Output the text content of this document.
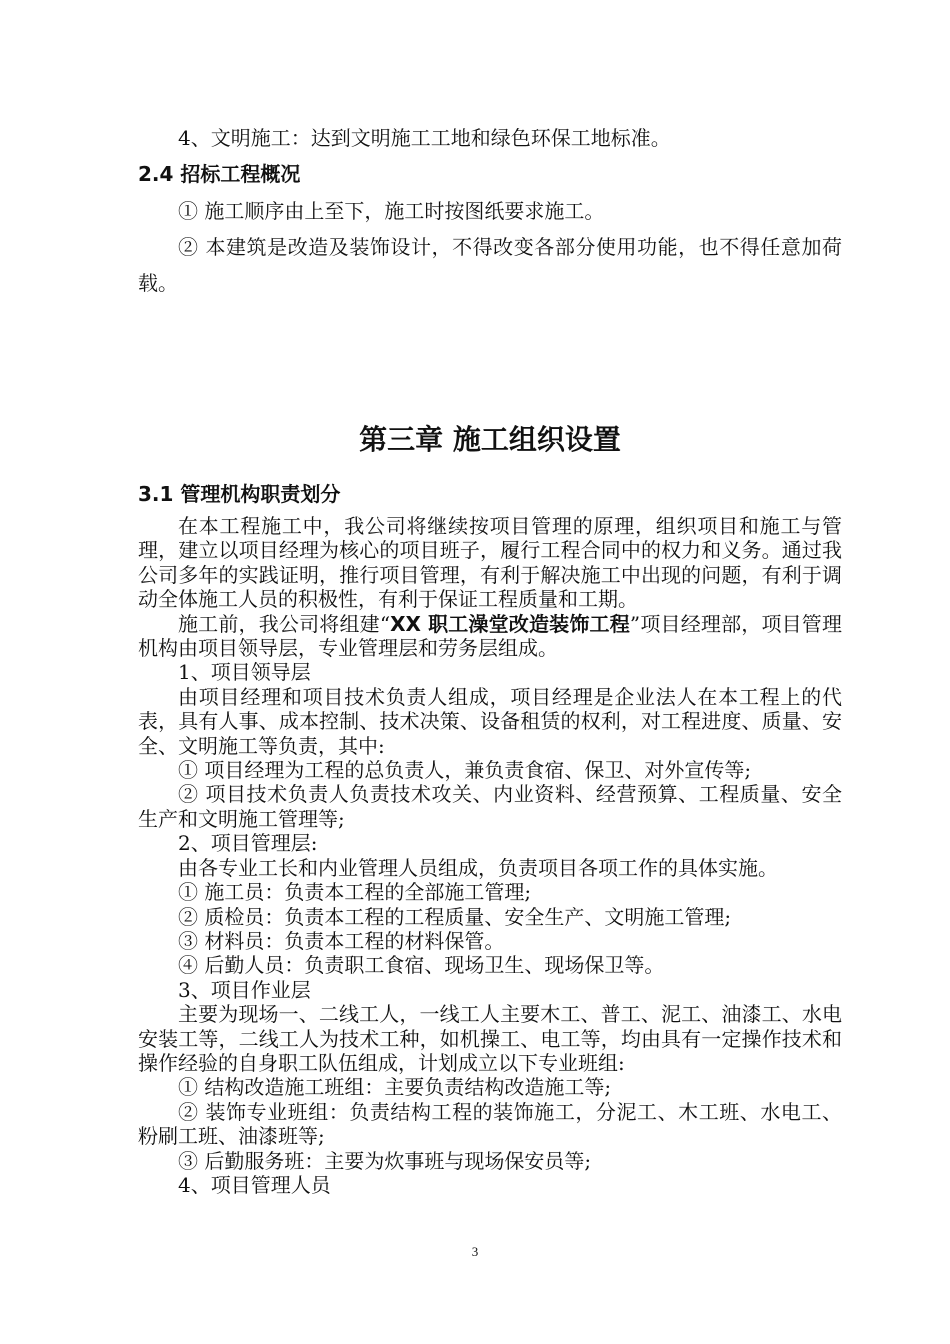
4、文明施工：达到文明施工工地和绿色环保工地标准。

2.4 招标工程概况

① 施工顺序由上至下，施工时按图纸要求施工。

② 本建筑是改造及装饰设计，不得改变各部分使用功能，也不得任意加荷载。

第三章 施工组织设置
3.1 管理机构职责划分

在本工程施工中，我公司将继续按项目管理的原理，组织项目和施工与管理，建立以项目经理为核心的项目班子，履行工程合同中的权力和义务。通过我公司多年的实践证明，推行项目管理，有利于解决施工中出现的问题，有利于调动全体施工人员的积极性，有利于保证工程质量和工期。

施工前，我公司将组建“XX 职工澡堂改造装饰工程”项目经理部，项目管理机构由项目领导层，专业管理层和劳务层组成。

1、项目领导层

由项目经理和项目技术负责人组成，项目经理是企业法人在本工程上的代表，具有人事、成本控制、技术决策、设备租赁的权利，对工程进度、质量、安全、文明施工等负责，其中:

① 项目经理为工程的总负责人，兼负责食宿、保卫、对外宣传等;

② 项目技术负责人负责技术攻关、内业资料、经营预算、工程质量、安全生产和文明施工管理等;

2、项目管理层:

由各专业工长和内业管理人员组成，负责项目各项工作的具体实施。

① 施工员：负责本工程的全部施工管理;

② 质检员：负责本工程的工程质量、安全生产、文明施工管理;

③ 材料员：负责本工程的材料保管。

④ 后勤人员：负责职工食宿、现场卫生、现场保卫等。

3、项目作业层

主要为现场一、二线工人，一线工人主要木工、普工、泥工、油漆工、水电安装工等，二线工人为技术工种，如机操工、电工等，均由具有一定操作技术和操作经验的自身职工队伍组成，计划成立以下专业班组:

① 结构改造施工班组：主要负责结构改造施工等;

② 装饰专业班组：负责结构工程的装饰施工，分泥工、木工班、水电工、粉刷工班、油漆班等;

③ 后勤服务班：主要为炊事班与现场保安员等;

4、项目管理人员

3
